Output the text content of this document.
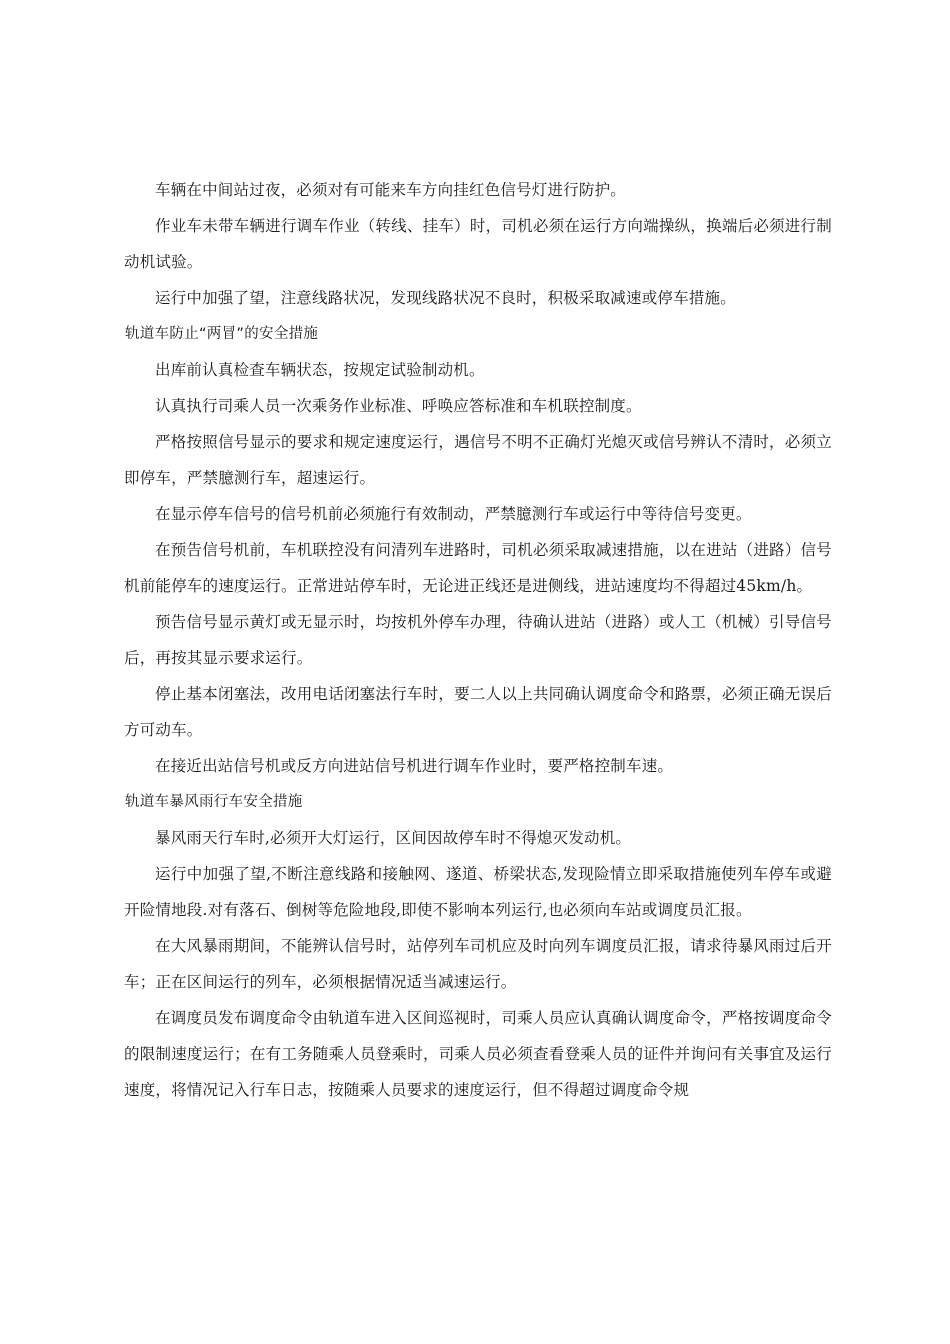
车辆在中间站过夜，必须对有可能来车方向挂红色信号灯进行防护。

作业车未带车辆进行调车作业（转线、挂车）时，司机必须在运行方向端操纵，换端后必须进行制动机试验。

运行中加强了望，注意线路状况，发现线路状况不良时，积极采取减速或停车措施。

轨道车防止“两冒”的安全措施

出库前认真检查车辆状态，按规定试验制动机。

认真执行司乘人员一次乘务作业标准、呼唤应答标准和车机联控制度。

严格按照信号显示的要求和规定速度运行，遇信号不明不正确灯光熄灭或信号辨认不清时，必须立即停车，严禁臆测行车，超速运行。

在显示停车信号的信号机前必须施行有效制动，严禁臆测行车或运行中等待信号变更。

在预告信号机前，车机联控没有问清列车进路时，司机必须采取减速措施，以在进站（进路）信号机前能停车的速度运行。正常进站停车时，无论进正线还是进侧线，进站速度均不得超过45km/h。

预告信号显示黄灯或无显示时，均按机外停车办理，待确认进站（进路）或人工（机械）引导信号后，再按其显示要求运行。

停止基本闭塞法，改用电话闭塞法行车时，要二人以上共同确认调度命令和路票，必须正确无误后方可动车。

在接近出站信号机或反方向进站信号机进行调车作业时，要严格控制车速。

轨道车暴风雨行车安全措施

暴风雨天行车时,必须开大灯运行，区间因故停车时不得熄灭发动机。

运行中加强了望,不断注意线路和接触网、遂道、桥梁状态,发现险情立即采取措施使列车停车或避开险情地段.对有落石、倒树等危险地段,即使不影响本列运行,也必须向车站或调度员汇报。

在大风暴雨期间，不能辨认信号时，站停列车司机应及时向列车调度员汇报，请求待暴风雨过后开车；正在区间运行的列车，必须根据情况适当减速运行。

在调度员发布调度命令由轨道车进入区间巡视时，司乘人员应认真确认调度命令，严格按调度命令的限制速度运行；在有工务随乘人员登乘时，司乘人员必须查看登乘人员的证件并询问有关事宜及运行速度，将情况记入行车日志，按随乘人员要求的速度运行，但不得超过调度命令规
